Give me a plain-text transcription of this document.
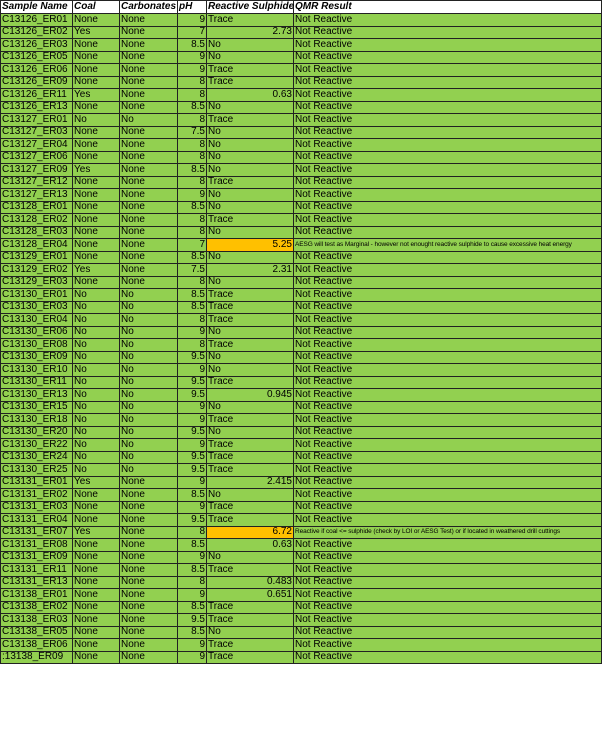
Sample Name	Coal	Carbonates	pH	Reactive Sulphide	QMR Result
C13126_ER01	None	None	9	Trace	Not Reactive
C13126_ER02	Yes	None	7	2.73	Not Reactive
C13126_ER03	None	None	8.5	No	Not Reactive
C13126_ER05	None	None	9	No	Not Reactive
C13126_ER06	None	None	9	Trace	Not Reactive
C13126_ER09	None	None	8	Trace	Not Reactive
C13126_ER11	Yes	None	8	0.63	Not Reactive
C13126_ER13	None	None	8.5	No	Not Reactive
C13127_ER01	No	No	8	Trace	Not Reactive
C13127_ER03	None	None	7.5	No	Not Reactive
C13127_ER04	None	None	8	No	Not Reactive
C13127_ER06	None	None	8	No	Not Reactive
C13127_ER09	Yes	None	8.5	No	Not Reactive
C13127_ER12	None	None	8	Trace	Not Reactive
C13127_ER13	None	None	9	No	Not Reactive
C13128_ER01	None	None	8.5	No	Not Reactive
C13128_ER02	None	None	8	Trace	Not Reactive
C13128_ER03	None	None	8	No	Not Reactive
C13128_ER04	None	None	7	5.25	AESG will test as Marginal - however not enought reactive sulphide to cause excessive heat energy
C13129_ER01	None	None	8.5	No	Not Reactive
C13129_ER02	Yes	None	7.5	2.31	Not Reactive
C13129_ER03	None	None	8	No	Not Reactive
C13130_ER01	No	No	8.5	Trace	Not Reactive
C13130_ER03	No	No	8.5	Trace	Not Reactive
C13130_ER04	No	No	8	Trace	Not Reactive
C13130_ER06	No	No	9	No	Not Reactive
C13130_ER08	No	No	8	Trace	Not Reactive
C13130_ER09	No	No	9.5	No	Not Reactive
C13130_ER10	No	No	9	No	Not Reactive
C13130_ER11	No	No	9.5	Trace	Not Reactive
C13130_ER13	No	No	9.5	0.945	Not Reactive
C13130_ER15	No	No	9	No	Not Reactive
C13130_ER18	No	No	9	Trace	Not Reactive
C13130_ER20	No	No	9.5	No	Not Reactive
C13130_ER22	No	No	9	Trace	Not Reactive
C13130_ER24	No	No	9.5	Trace	Not Reactive
C13130_ER25	No	No	9.5	Trace	Not Reactive
C13131_ER01	Yes	None	9	2.415	Not Reactive
C13131_ER02	None	None	8.5	No	Not Reactive
C13131_ER03	None	None	9	Trace	Not Reactive
C13131_ER04	None	None	9.5	Trace	Not Reactive
C13131_ER07	Yes	None	8	6.72	Reactive if coal <= sulphide (check by LOI or AESG Test) or if located in weathered drill cuttings
C13131_ER08	None	None	8.5	0.63	Not Reactive
C13131_ER09	None	None	9	No	Not Reactive
C13131_ER11	None	None	8.5	Trace	Not Reactive
C13131_ER13	None	None	8	0.483	Not Reactive
C13138_ER01	None	None	9	0.651	Not Reactive
C13138_ER02	None	None	8.5	Trace	Not Reactive
C13138_ER03	None	None	9.5	Trace	Not Reactive
C13138_ER05	None	None	8.5	No	Not Reactive
C13138_ER06	None	None	9	Trace	Not Reactive
:13138_ER09	None	None	9	Trace	Not Reactive
